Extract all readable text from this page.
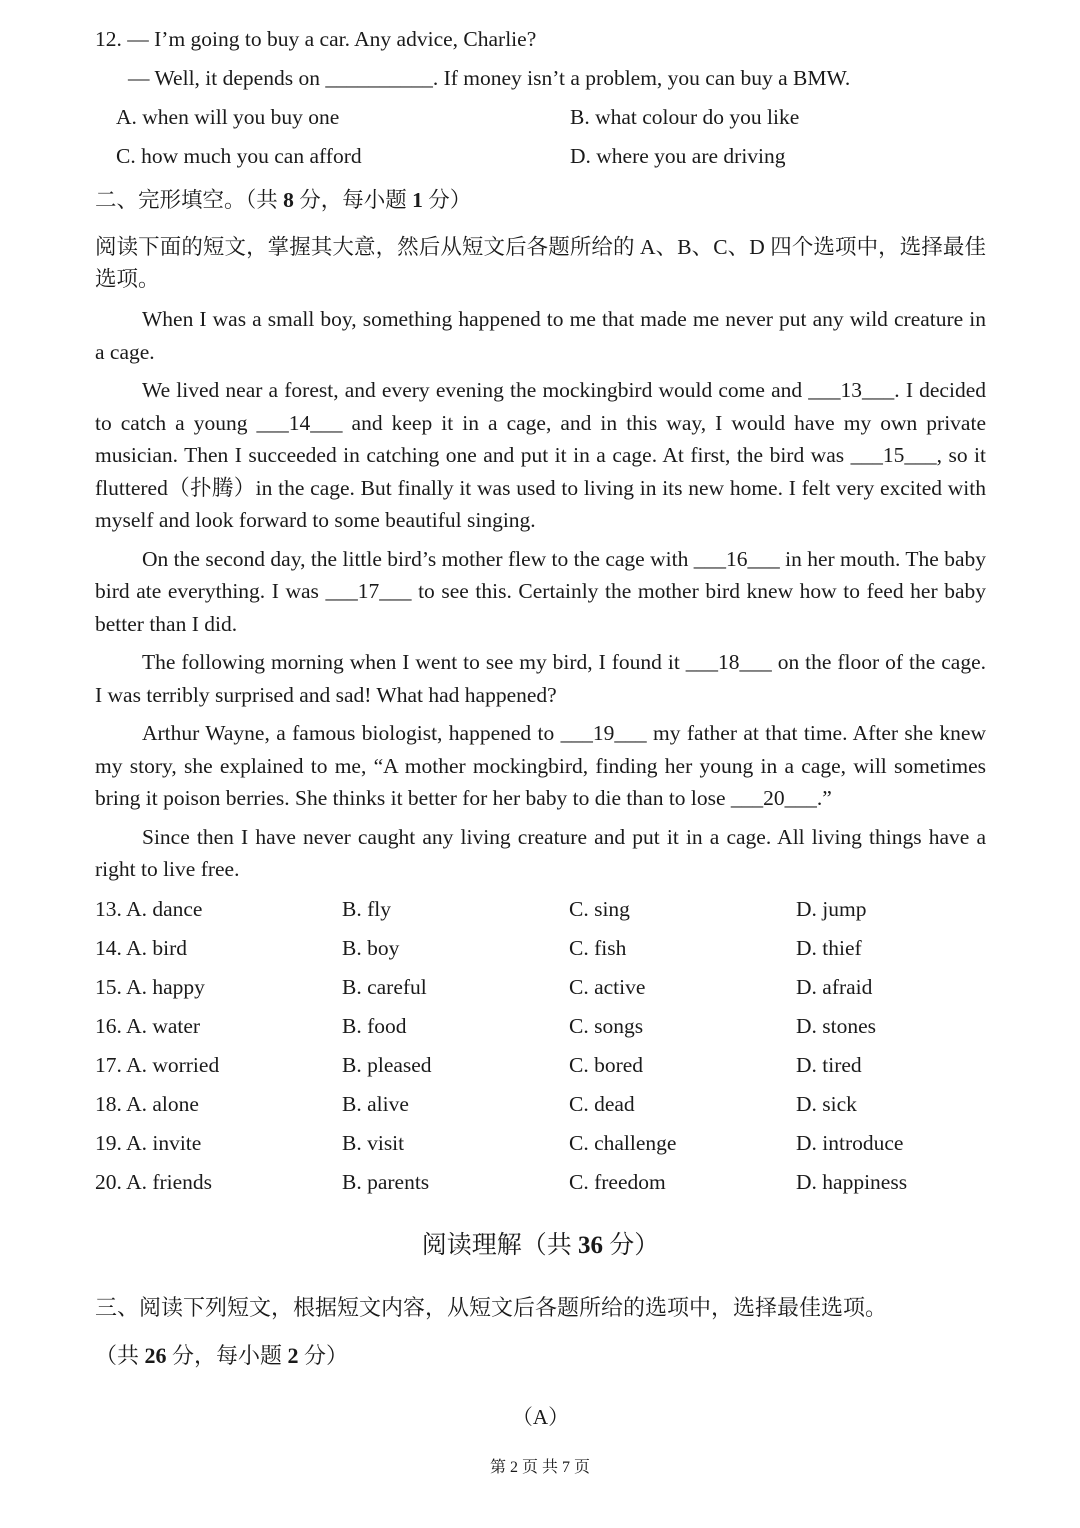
12. — I’m going to buy a car. Any advice, Charlie?
— Well, it depends on __________. If money isn’t a problem, you can buy a BMW.
A. when will you buy one	B. what colour do you like
C. how much you can afford	D. where you are driving
二、完形填空。（共 8 分，每小题 1 分）
阅读下面的短文，掌握其大意，然后从短文后各题所给的 A、B、C、D 四个选项中，选择最佳选项。
When I was a small boy, something happened to me that made me never put any wild creature in a cage.
We lived near a forest, and every evening the mockingbird would come and ___13___. I decided to catch a young ___14___ and keep it in a cage, and in this way, I would have my own private musician. Then I succeeded in catching one and put it in a cage. At first, the bird was ___15___, so it fluttered（扑腾）in the cage. But finally it was used to living in its new home. I felt very excited with myself and look forward to some beautiful singing.
On the second day, the little bird’s mother flew to the cage with ___16___ in her mouth. The baby bird ate everything. I was ___17___ to see this. Certainly the mother bird knew how to feed her baby better than I did.
The following morning when I went to see my bird, I found it ___18___ on the floor of the cage. I was terribly surprised and sad! What had happened?
Arthur Wayne, a famous biologist, happened to ___19___ my father at that time. After she knew my story, she explained to me, “A mother mockingbird, finding her young in a cage, will sometimes bring it poison berries. She thinks it better for her baby to die than to lose ___20___.”
Since then I have never caught any living creature and put it in a cage. All living things have a right to live free.
13. A. dance	B. fly	C. sing	D. jump
14. A. bird	B. boy	C. fish	D. thief
15. A. happy	B. careful	C. active	D. afraid
16. A. water	B. food	C. songs	D. stones
17. A. worried	B. pleased	C. bored	D. tired
18. A. alone	B. alive	C. dead	D. sick
19. A. invite	B. visit	C. challenge	D. introduce
20. A. friends	B. parents	C. freedom	D. happiness
阅读理解（共 36 分）
三、阅读下列短文，根据短文内容，从短文后各题所给的选项中，选择最佳选项。
（共 26 分，每小题 2 分）
（A）
第 2 页 共 7 页
